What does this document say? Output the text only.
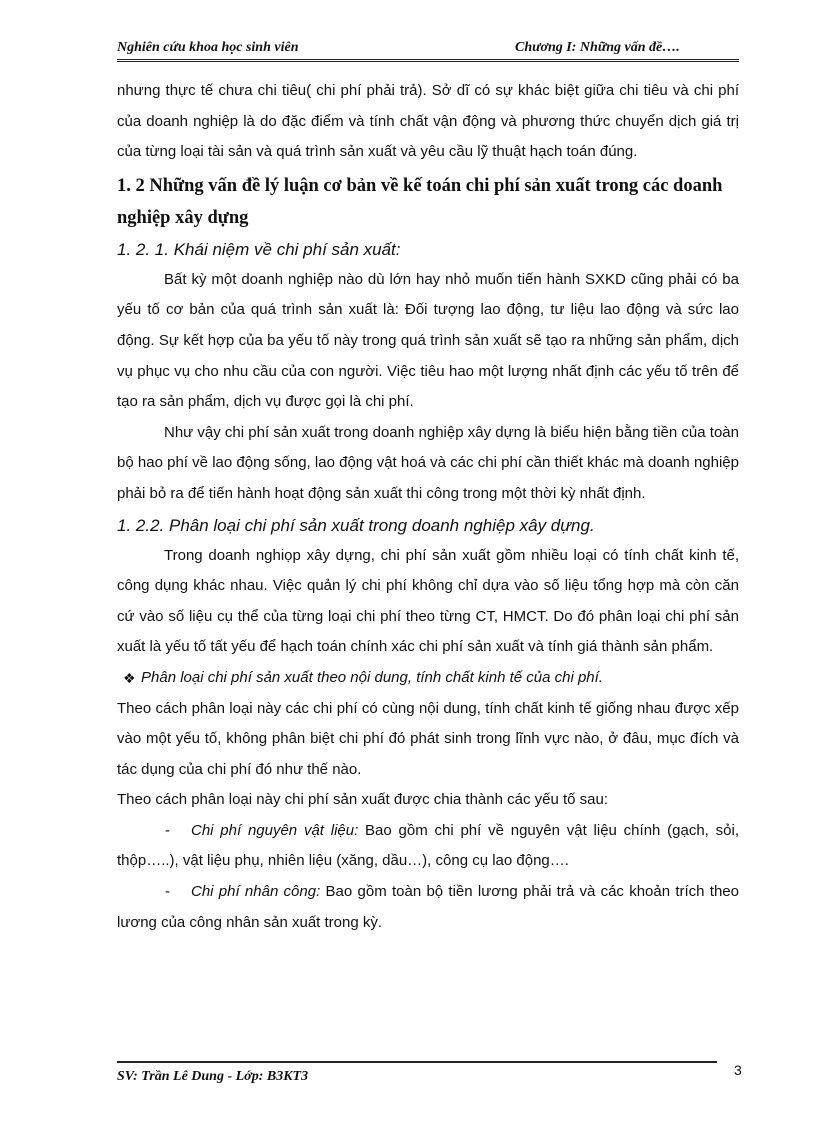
Nghiên cứu khoa học sinh viên	Chương I: Những vấn đề….

nhưng thực tế chưa chi tiêu( chi phí phải trả). Sở dĩ có sự khác biệt giữa chi tiêu và chi phí của doanh nghiệp là do đặc điểm và tính chất vận động và phương thức chuyển dịch giá trị của từng loại tài sản và quá trình sản xuất và yêu cầu lỹ thuật hạch toán đúng.

1. 2 Những vấn đề lý luận cơ bản về kế toán chi phí sản xuất trong các doanh nghiệp xây dựng

1. 2. 1. Khái niệm về chi phí sản xuất:

Bất kỳ một doanh nghiệp nào dù lớn hay nhỏ muốn tiến hành SXKD cũng phải có ba yếu tố cơ bản của quá trình sản xuất là: Đối tượng lao động, tư liệu lao động và sức lao động. Sự kết hợp của ba yếu tố này trong quá trình sản xuất sẽ tạo ra những sản phẩm, dịch vụ phục vụ cho nhu cầu của con người. Việc tiêu hao một lượng nhất định các yếu tố trên để tạo ra sản phẩm, dịch vụ được gọi là chi phí.

Như vậy chi phí sản xuất trong doanh nghiệp xây dựng là biểu hiện bằng tiền của toàn bộ hao phí về lao động sống, lao động vật hoá và các chi phí cần thiết khác mà doanh nghiệp phải bỏ ra để tiến hành hoạt động sản xuất thi công trong một thời kỳ nhất định.

1. 2.2. Phân loại chi phí sản xuất trong doanh nghiệp xây dựng.

Trong doanh nghiọp xây dựng, chi phí sản xuất gồm nhiều loại có tính chất kinh tế, công dụng khác nhau. Việc quản lý chi phí không chỉ dựa vào số liệu tổng hợp mà còn căn cứ vào số liệu cụ thể của từng loại chi phí theo từng CT, HMCT. Do đó phân loại chi phí sản xuất là yếu tố tất yếu để hạch toán chính xác chi phí sản xuất và tính giá thành sản phẩm.

❖ Phân loại chi phí sản xuất theo nội dung, tính chất kinh tế của chi phí.

Theo cách phân loại này các chi phí có cùng nội dung, tính chất kinh tế giống nhau được xếp vào một yếu tố, không phân biệt chi phí đó phát sinh trong lĩnh vực nào, ở đâu, mục đích và tác dụng của chi phí đó như thế nào.

Theo cách phân loại này chi phí sản xuất được chia thành các yếu tố sau:

- Chi phí nguyên vật liệu: Bao gồm chi phí về nguyên vật liệu chính (gạch, sỏi, thộp…..), vật liệu phụ, nhiên liệu (xăng, dầu…), công cụ lao động….

- Chi phí nhân công: Bao gồm toàn bộ tiền lương phải trả và các khoản trích theo lương của công nhân sản xuất trong kỳ.

SV: Trần Lê Dung - Lớp: B3KT3	3
